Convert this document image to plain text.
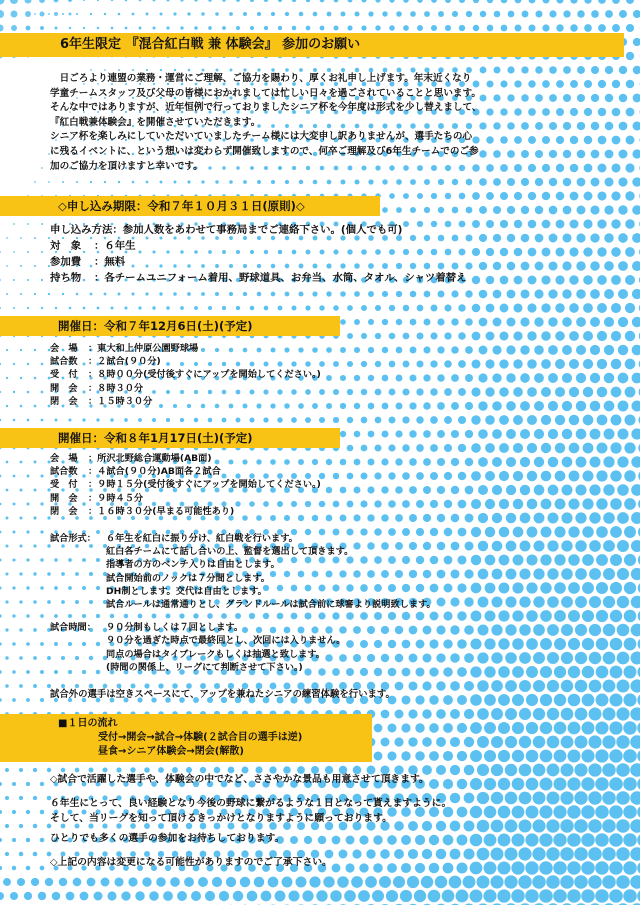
6年生限定 『混合紅白戦 兼 体験会』 参加のお願い
　日ごろより連盟の業務・運営にご理解、ご協力を賜わり、厚くお礼申し上げます。年末近くなり
学童チームスタッフ及び父母の皆様におかれましては忙しい日々を過ごされていることと思います。
そんな中ではありますが、近年恒例で行っておりましたシニア杯を今年度は形式を少し替えまして、
『紅白戦兼体験会』を開催させていただきます。
シニア杯を楽しみにしていただいていましたチーム様には大変申し訳ありませんが、選手たちの心
に残るイベントに、という想いは変わらず開催致しますので、何卒ご理解及び6年生チームでのご参
加のご協力を頂けますと幸いです。
◇申し込み期限：令和７年１０月３１日(原則)◇
申し込み方法：参加人数をあわせて事務局までご連絡下さい。(個人でも可)
対　象	：６年生
参加費	：無料
持ち物	：各チームユニフォーム着用、野球道具、お弁当、水筒、タオル、シャツ着替え
開催日：令和７年12月6日(土)(予定)
会　場	：東大和上仲原公園野球場
試合数	：２試合(９０分)
受　付	：８時００分(受付後すぐにアップを開始してください。)
開　会	：８時３０分
閉　会	：１５時３０分
開催日：令和８年1月17日(土)(予定)
会　場	：所沢北野総合運動場(AB面)
試合数	：４試合(９０分)AB面各２試合
受　付	：９時１５分(受付後すぐにアップを開始してください。)
開　会	：９時４５分
閉　会	：１６時３０分(早まる可能性あり)
試合形式：	６年生を紅白に振り分け、紅白戦を行います。
紅白各チームにて話し合いの上、監督を選出して頂きます。
指導者の方のベンチ入りは自由とします。
試合開始前のノックは７分間とします。
DH制とします。交代は自由とします。
試合ルールは通常通りとし、グランドルールは試合前に球審より説明致します。
試合時間：	９０分制もしくは７回とします。
９０分を過ぎた時点で最終回とし、次回には入りません。
同点の場合はタイブレークもしくは抽選と致します。
(時間の関係上、リーグにて判断させて下さい。)
試合外の選手は空きスペースにて、アップを兼ねたシニアの練習体験を行います。
■１日の流れ
受付→開会→試合→体験(２試合目の選手は逆)
昼食→シニア体験会→閉会(解散)
◇試合で活躍した選手や、体験会の中でなど、ささやかな景品も用意させて頂きます。
６年生にとって、良い経験となり今後の野球に繋がるような１日となって貰えますように。
そして、当リーグを知って頂けるきっかけとなりますように願っております。
ひとりでも多くの選手の参加をお待ちしております。
◇上記の内容は変更になる可能性がありますのでご了承下さい。
